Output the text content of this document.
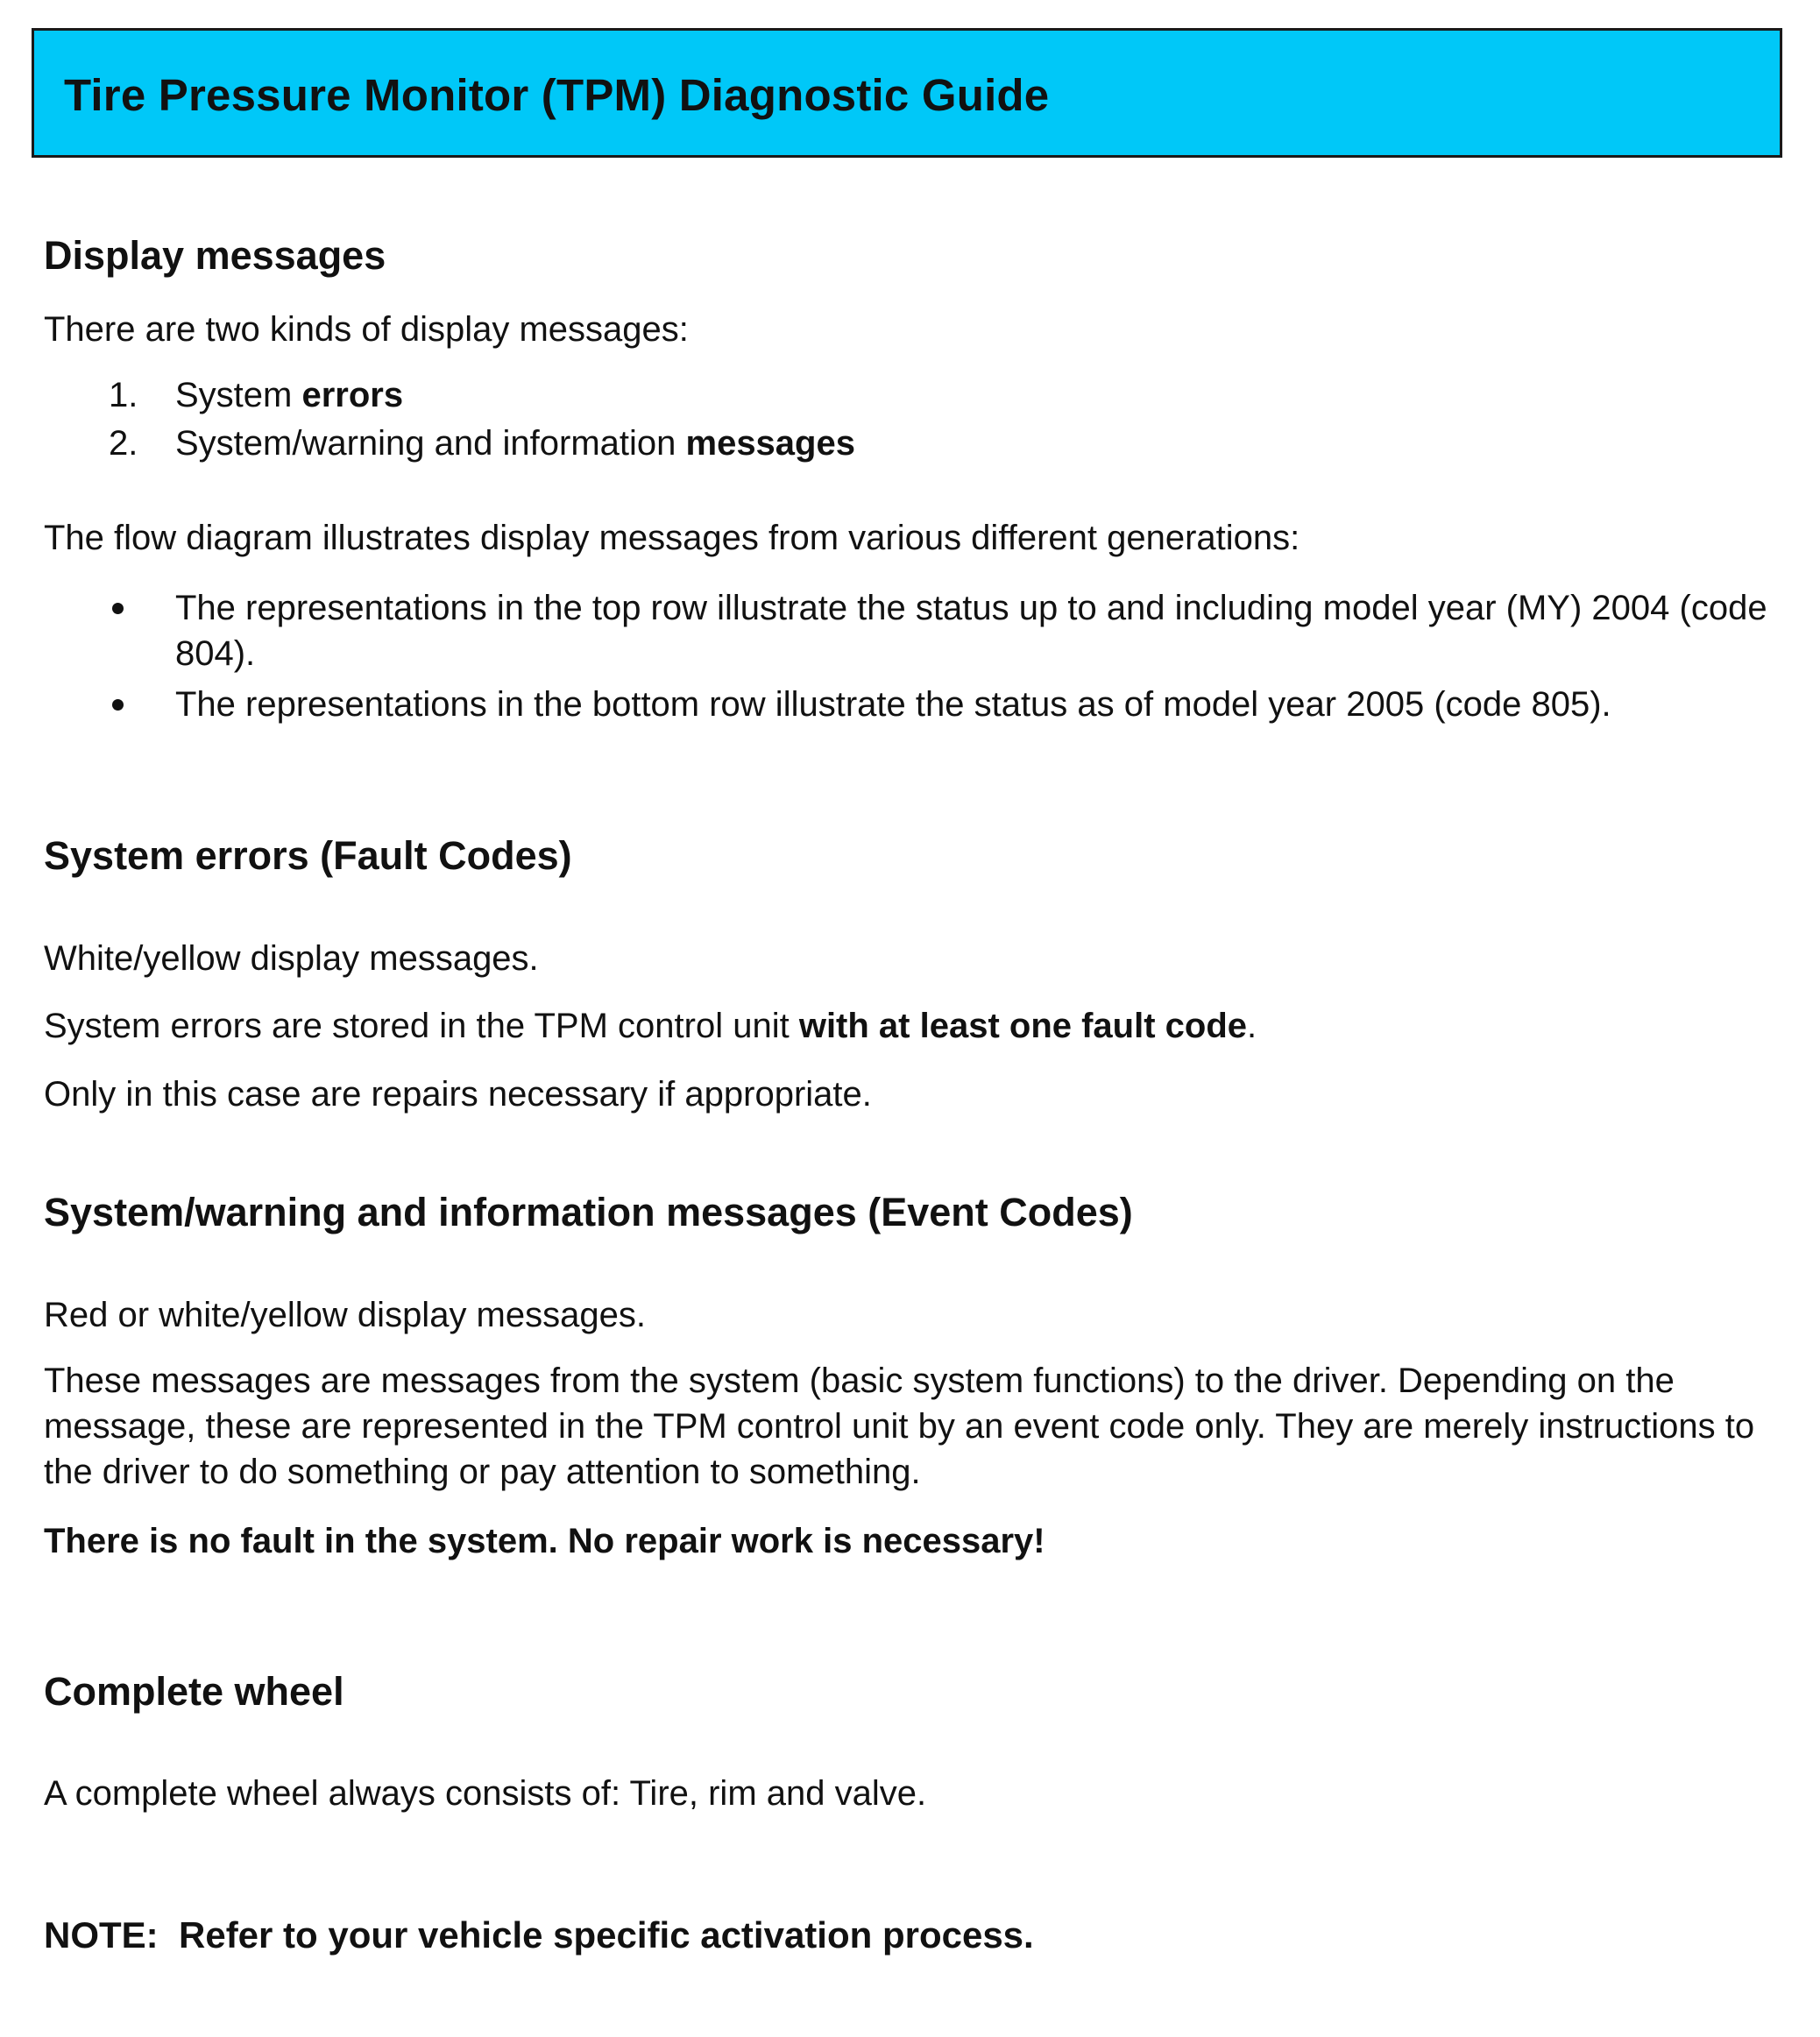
Tire Pressure Monitor (TPM) Diagnostic Guide
Display messages

There are two kinds of display messages:

1. System errors
2. System/warning and information messages

The flow diagram illustrates display messages from various different generations:

The representations in the top row illustrate the status up to and including model year (MY) 2004 (code 804).
The representations in the bottom row illustrate the status as of model year 2005 (code 805).
System errors (Fault Codes)

White/yellow display messages.

System errors are stored in the TPM control unit with at least one fault code.

Only in this case are repairs necessary if appropriate.

System/warning and information messages (Event Codes)

Red or white/yellow display messages.

These messages are messages from the system (basic system functions) to the driver. Depending on the message, these are represented in the TPM control unit by an event code only. They are merely instructions to the driver to do something or pay attention to something.

There is no fault in the system. No repair work is necessary!

Complete wheel

A complete wheel always consists of: Tire, rim and valve.

NOTE: Refer to your vehicle specific activation process.
